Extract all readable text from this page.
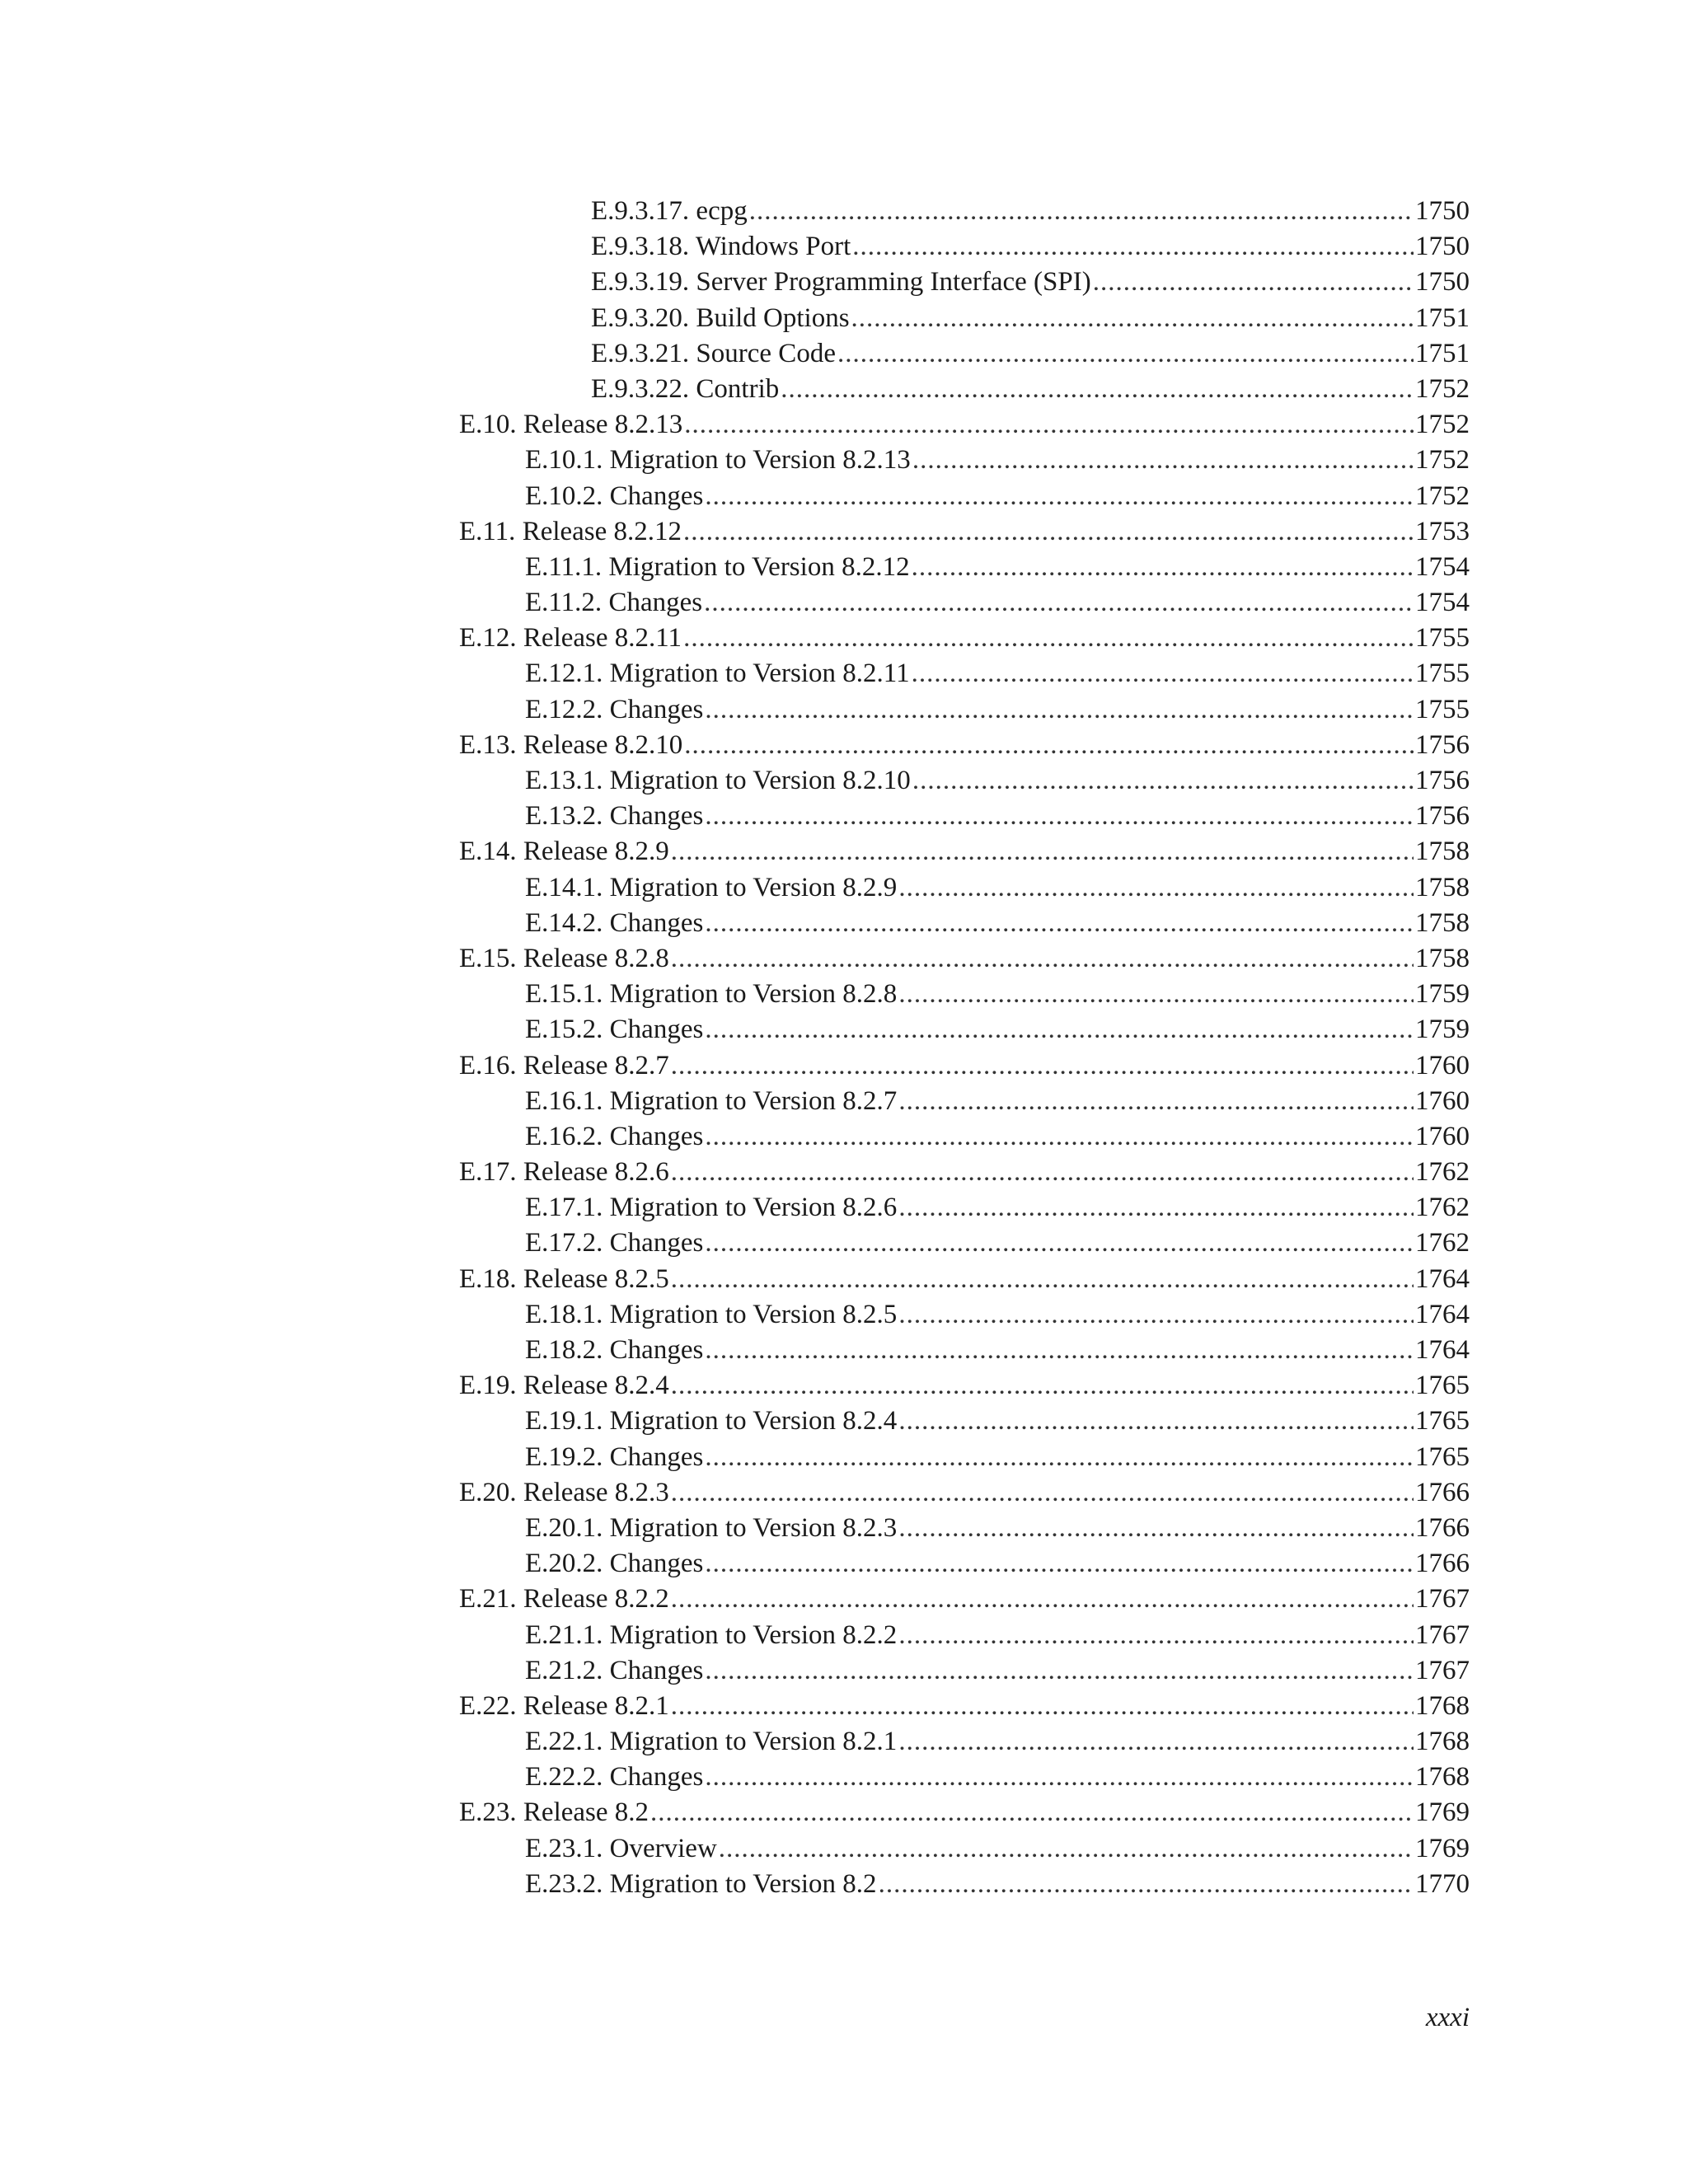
E.9.3.17. ecpg .....	1750
E.9.3.18. Windows Port .....	1750
E.9.3.19. Server Programming Interface (SPI) .....	1750
E.9.3.20. Build Options .....	1751
E.9.3.21. Source Code .....	1751
E.9.3.22. Contrib .....	1752
E.10. Release 8.2.13 .....	1752
E.10.1. Migration to Version 8.2.13 .....	1752
E.10.2. Changes .....	1752
E.11. Release 8.2.12 .....	1753
E.11.1. Migration to Version 8.2.12 .....	1754
E.11.2. Changes .....	1754
E.12. Release 8.2.11 .....	1755
E.12.1. Migration to Version 8.2.11 .....	1755
E.12.2. Changes .....	1755
E.13. Release 8.2.10 .....	1756
E.13.1. Migration to Version 8.2.10 .....	1756
E.13.2. Changes .....	1756
E.14. Release 8.2.9 .....	1758
E.14.1. Migration to Version 8.2.9 .....	1758
E.14.2. Changes .....	1758
E.15. Release 8.2.8 .....	1758
E.15.1. Migration to Version 8.2.8 .....	1759
E.15.2. Changes .....	1759
E.16. Release 8.2.7 .....	1760
E.16.1. Migration to Version 8.2.7 .....	1760
E.16.2. Changes .....	1760
E.17. Release 8.2.6 .....	1762
E.17.1. Migration to Version 8.2.6 .....	1762
E.17.2. Changes .....	1762
E.18. Release 8.2.5 .....	1764
E.18.1. Migration to Version 8.2.5 .....	1764
E.18.2. Changes .....	1764
E.19. Release 8.2.4 .....	1765
E.19.1. Migration to Version 8.2.4 .....	1765
E.19.2. Changes .....	1765
E.20. Release 8.2.3 .....	1766
E.20.1. Migration to Version 8.2.3 .....	1766
E.20.2. Changes .....	1766
E.21. Release 8.2.2 .....	1767
E.21.1. Migration to Version 8.2.2 .....	1767
E.21.2. Changes .....	1767
E.22. Release 8.2.1 .....	1768
E.22.1. Migration to Version 8.2.1 .....	1768
E.22.2. Changes .....	1768
E.23. Release 8.2 .....	1769
E.23.1. Overview .....	1769
E.23.2. Migration to Version 8.2 .....	1770
xxxi
